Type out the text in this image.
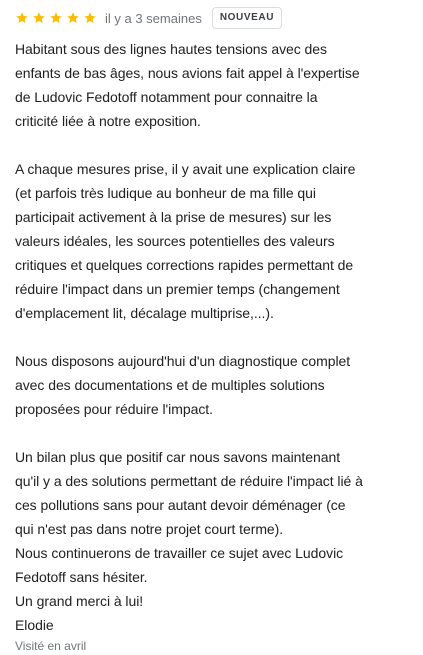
il y a 3 semaines	NOUVEAU
Habitant sous des lignes hautes tensions avec des
enfants de bas âges, nous avions fait appel à l'expertise
de Ludovic Fedotoff notamment pour connaitre la
criticité liée à notre exposition.
A chaque mesures prise, il y avait une explication claire
(et parfois très ludique au bonheur de ma fille qui
participait activement à la prise de mesures) sur les
valeurs idéales, les sources potentielles des valeurs
critiques et quelques corrections rapides permettant de
réduire l'impact dans un premier temps (changement
d'emplacement lit, décalage multiprise,...).
Nous disposons aujourd'hui d'un diagnostique complet
avec des documentations et de multiples solutions
proposées pour réduire l'impact.
Un bilan plus que positif car nous savons maintenant
qu'il y a des solutions permettant de réduire l'impact lié à
ces pollutions sans pour autant devoir déménager (ce
qui n'est pas dans notre projet court terme).
Nous continuerons de travailler ce sujet avec Ludovic
Fedotoff sans hésiter.
Un grand merci à lui!
Elodie
Visité en avril
